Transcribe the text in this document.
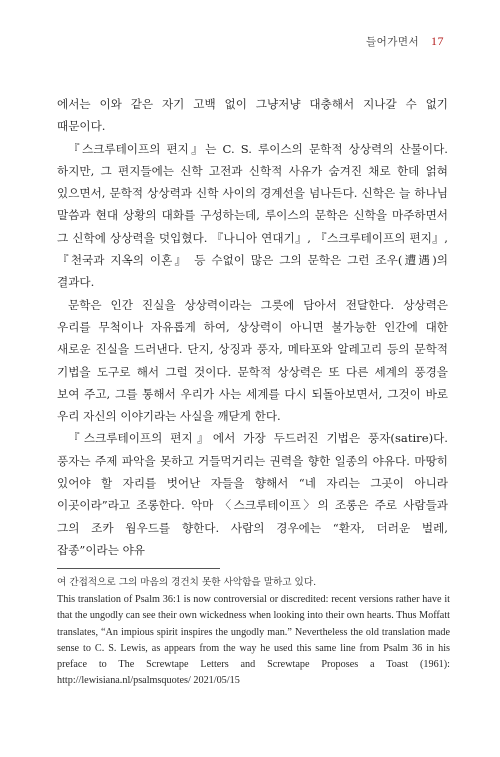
들어가면서 17

에서는 이와 같은 자기 고백 없이 그냥저냥 대충해서 지나갈 수 없기 때문이다.

『스크루테이프의 편지』는 C. S. 루이스의 문학적 상상력의 산물이다. 하지만, 그 편지들에는 신학 고전과 신학적 사유가 숨겨진 채로 한데 얽혀 있으면서, 문학적 상상력과 신학 사이의 경계선을 넘나든다. 신학은 늘 하나님 말씀과 현대 상황의 대화를 구성하는데, 루이스의 문학은 신학을 마주하면서 그 신학에 상상력을 덧입혔다. 『나니아 연대기』, 『스크루테이프의 편지』, 『천국과 지옥의 이혼』 등 수없이 많은 그의 문학은 그런 조우(遭遇)의 결과다.

문학은 인간 진실을 상상력이라는 그릇에 담아서 전달한다. 상상력은 우리를 무척이나 자유롭게 하여, 상상력이 아니면 불가능한 인간에 대한 새로운 진실을 드러낸다. 단지, 상징과 풍자, 메타포와 알레고리 등의 문학적 기법을 도구로 해서 그럴 것이다. 문학적 상상력은 또 다른 세계의 풍경을 보여 주고, 그를 통해서 우리가 사는 세계를 다시 되돌아보면서, 그것이 바로 우리 자신의 이야기라는 사실을 깨닫게 한다.

『스크루테이프의 편지』에서 가장 두드러진 기법은 풍자(satire)다. 풍자는 주제 파악을 못하고 거들먹거리는 권력을 향한 일종의 야유다. 마땅히 있어야 할 자리를 벗어난 자들을 향해서 “네 자리는 그곳이 아니라 이곳이라”라고 조롱한다. 악마 〈스크루테이프〉의 조롱은 주로 사람들과 그의 조카 웜우드를 향한다. 사람의 경우에는 “환자, 더러운 벌레, 잡종”이라는 야유

여 간접적으로 그의 마음의 경건치 못한 사악함을 말하고 있다.

This translation of Psalm 36:1 is now controversial or discredited: recent versions rather have it that the ungodly can see their own wickedness when looking into their own hearts. Thus Moffatt translates, “An impious spirit inspires the ungodly man.” Nevertheless the old translation made sense to C. S. Lewis, as appears from the way he used this same line from Psalm 36 in his preface to The Screwtape Letters and Screwtape Proposes a Toast (1961): http://lewisiana.nl/psalmsquotes/ 2021/05/15
